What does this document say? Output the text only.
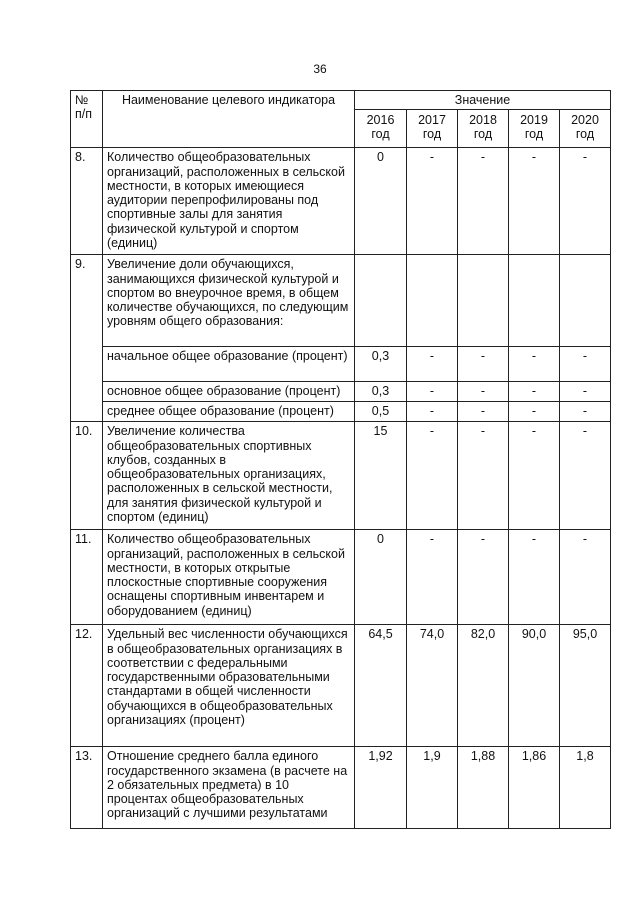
36
№ п/п	Наименование целевого индикатора	Значение				
		2016 год	2017 год	2018 год	2019 год	2020 год
8.	Количество общеобразовательных организаций, расположенных в сельской местности, в которых имеющиеся аудитории перепрофилированы под спортивные залы для занятия физической культурой и спортом (единиц)	0	-	-	-	-
9.	Увеличение доли обучающихся, занимающихся физической культурой и спортом во внеурочное время, в общем количестве обучающихся, по следующим уровням общего образования:					
	начальное общее образование (процент)	0,3	-	-	-	-
	основное общее образование (процент)	0,3	-	-	-	-
	среднее общее образование (процент)	0,5	-	-	-	-
10.	Увеличение количества общеобразовательных спортивных клубов, созданных в общеобразовательных организациях, расположенных в сельской местности, для занятия физической культурой и спортом (единиц)	15	-	-	-	-
11.	Количество общеобразовательных организаций, расположенных в сельской местности, в которых открытые плоскостные спортивные сооружения оснащены спортивным инвентарем и оборудованием (единиц)	0	-	-	-	-
12.	Удельный вес численности обучающихся в общеобразовательных организациях в соответствии с федеральными государственными образовательными стандартами в общей численности обучающихся в общеобразовательных организациях (процент)	64,5	74,0	82,0	90,0	95,0
13.	Отношение среднего балла единого государственного экзамена (в расчете на 2 обязательных предмета) в 10 процентах общеобразовательных организаций с лучшими результатами	1,92	1,9	1,88	1,86	1,8
